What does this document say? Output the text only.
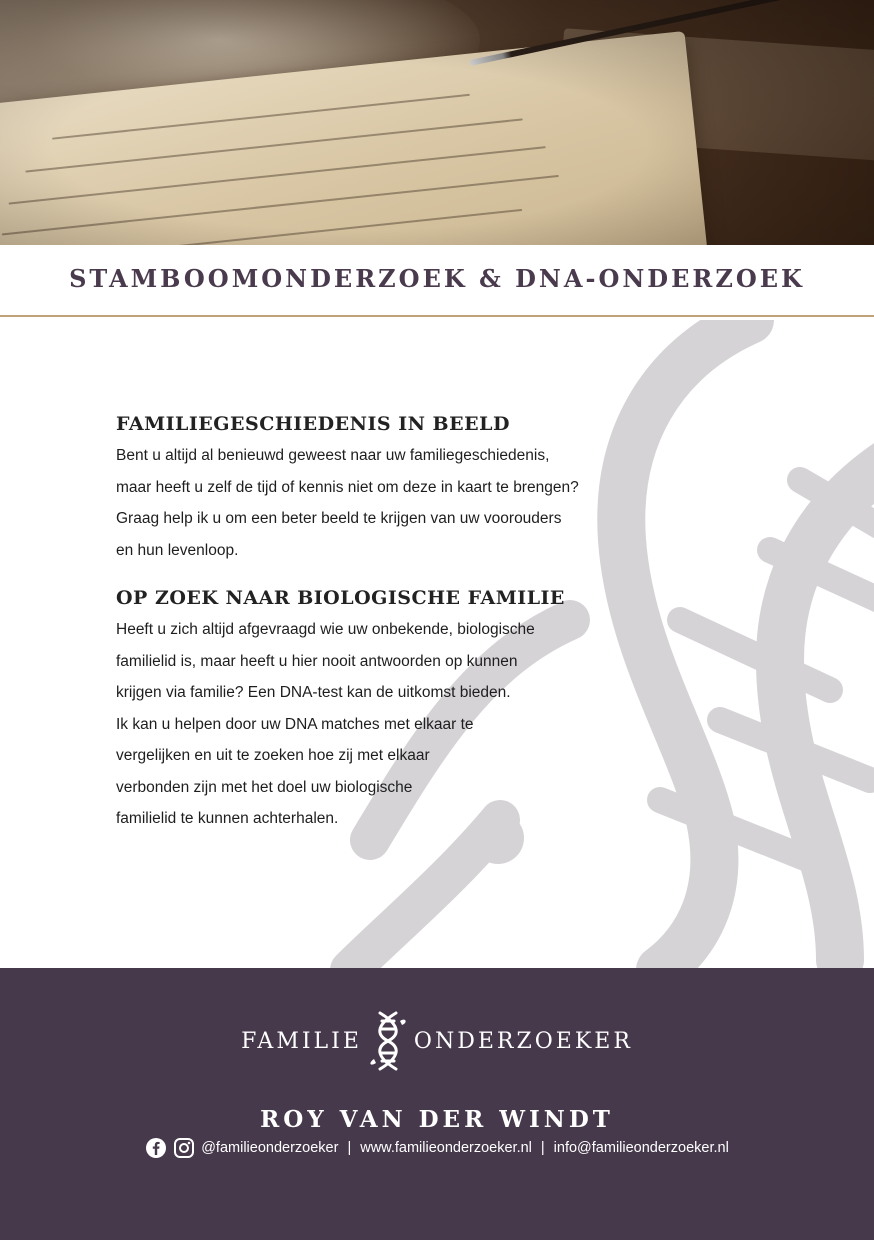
STAMBOOMONDERZOEK & DNA-ONDERZOEK
FAMILIEGESCHIEDENIS IN BEELD

Bent u altijd al benieuwd geweest naar uw familiegeschiedenis,
maar heeft u zelf de tijd of kennis niet om deze in kaart te brengen?
Graag help ik u om een beter beeld te krijgen van uw voorouders
en hun levenloop.

OP ZOEK NAAR BIOLOGISCHE FAMILIE

Heeft u zich altijd afgevraagd wie uw onbekende, biologische
familielid is, maar heeft u hier nooit antwoorden op kunnen
krijgen via familie? Een DNA-test kan de uitkomst bieden.
Ik kan u helpen door uw DNA matches met elkaar te
vergelijken en uit te zoeken hoe zij met elkaar
verbonden zijn met het doel uw biologische
familielid te kunnen achterhalen.

FAMILIE ONDERZOEKER
ROY VAN DER WINDT
@familieonderzoeker | www.familieonderzoeker.nl | info@familieonderzoeker.nl
